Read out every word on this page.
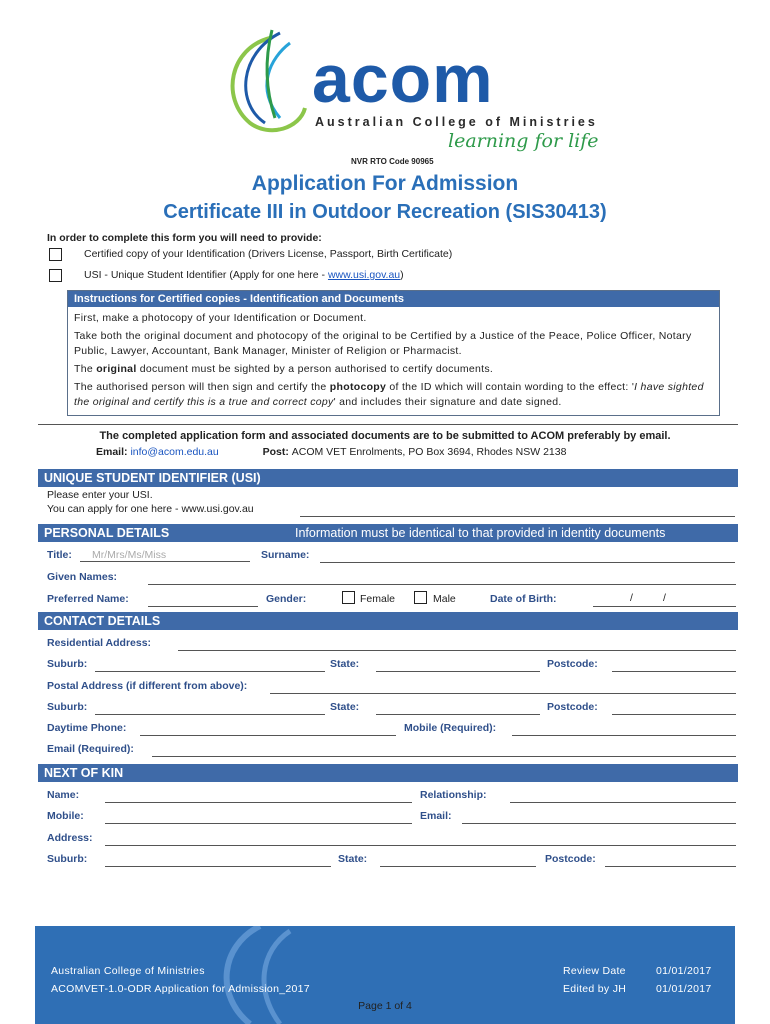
acom
Australian College of Ministries
learning for life
NVR RTO Code 90965
Application For Admission
Certificate III in Outdoor Recreation (SIS30413)
In order to complete this form you will need to provide:
Certified copy of your Identification (Drivers License, Passport, Birth Certificate)
USI - Unique Student Identifier (Apply for one here - www.usi.gov.au)
Instructions for Certified copies - Identification and Documents

First, make a photocopy of your Identification or Document.

Take both the original document and photocopy of the original to be Certified by a Justice of the Peace, Police Officer, Notary Public, Lawyer, Accountant, Bank Manager, Minister of Religion or Pharmacist.

The original document must be sighted by a person authorised to certify documents.

The authorised person will then sign and certify the photocopy of the ID which will contain wording to the effect: 'I have sighted the original and certify this is a true and correct copy' and includes their signature and date signed.

The completed application form and associated documents are to be submitted to ACOM preferably by email.
Email: info@acom.edu.au	Post: ACOM VET Enrolments, PO Box 3694, Rhodes NSW 2138
UNIQUE STUDENT IDENTIFIER (USI)
Please enter your USI.
You can apply for one here - www.usi.gov.au
PERSONAL DETAILS	Information must be identical to that provided in identity documents
Title:	Mr/Mrs/Ms/Miss	Surname:
Given Names:
Preferred Name:	Gender:	Female	Male	Date of Birth:	/	/
CONTACT DETAILS
Residential Address:
Suburb:	State:	Postcode:
Postal Address (if different from above):
Suburb:	State:	Postcode:
Daytime Phone:	Mobile (Required):
Email (Required):
NEXT OF KIN
Name:	Relationship:
Mobile:	Email:
Address:
Suburb:	State:	Postcode:
Australian College of Ministries
ACOMVET-1.0-ODR Application for Admission_2017
Review Date	01/01/2017
Edited by JH	01/01/2017
Page 1 of 4
